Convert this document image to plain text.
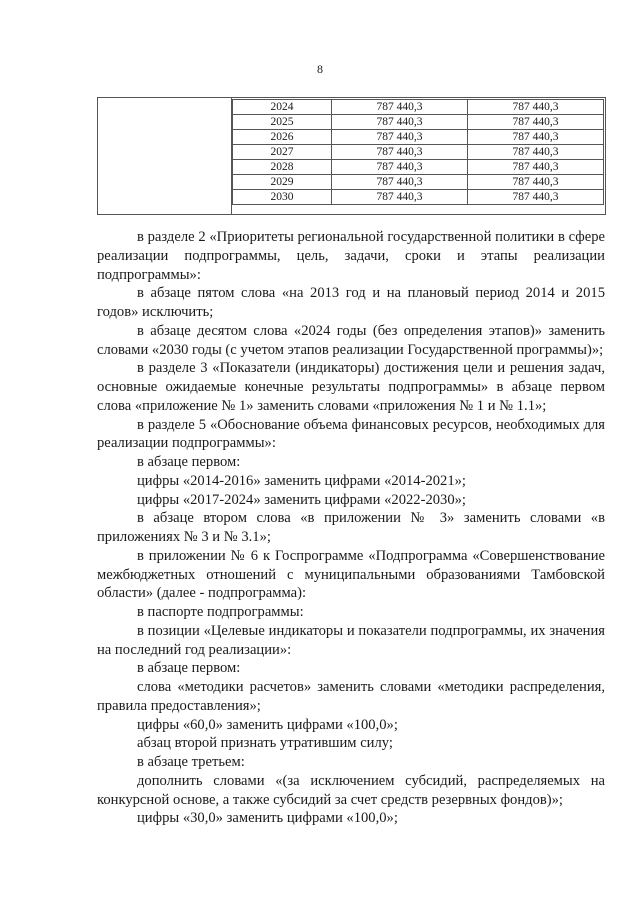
8
2024	787 440,3	787 440,3
2025	787 440,3	787 440,3
2026	787 440,3	787 440,3
2027	787 440,3	787 440,3
2028	787 440,3	787 440,3
2029	787 440,3	787 440,3
2030	787 440,3	787 440,3

в разделе 2 «Приоритеты региональной государственной политики в сфере реализации подпрограммы, цель, задачи, сроки и этапы реализации подпрограммы»:

в абзаце пятом слова «на 2013 год и на плановый период 2014 и 2015 годов» исключить;

в абзаце десятом слова «2024 годы (без определения этапов)» заменить словами «2030 годы (с учетом этапов реализации Государственной программы)»;

в разделе 3 «Показатели (индикаторы) достижения цели и решения задач, основные ожидаемые конечные результаты подпрограммы» в абзаце первом слова «приложение № 1» заменить словами «приложения № 1 и № 1.1»;

в разделе 5 «Обоснование объема финансовых ресурсов, необходимых для реализации подпрограммы»:

в абзаце первом:

цифры «2014-2016» заменить цифрами «2014-2021»;

цифры «2017-2024» заменить цифрами «2022-2030»;

в абзаце втором слова «в приложении № 3» заменить словами «в приложениях № 3 и № 3.1»;

в приложении № 6 к Госпрограмме «Подпрограмма «Совершенствование межбюджетных отношений с муниципальными образованиями Тамбовской области» (далее - подпрограмма):

в паспорте подпрограммы:

в позиции «Целевые индикаторы и показатели подпрограммы, их значения на последний год реализации»:

в абзаце первом:

слова «методики расчетов» заменить словами «методики распределения, правила предоставления»;

цифры «60,0» заменить цифрами «100,0»;

абзац второй признать утратившим силу;

в абзаце третьем:

дополнить словами «(за исключением субсидий, распределяемых на конкурсной основе, а также субсидий за счет средств резервных фондов)»;

цифры «30,0» заменить цифрами «100,0»;
